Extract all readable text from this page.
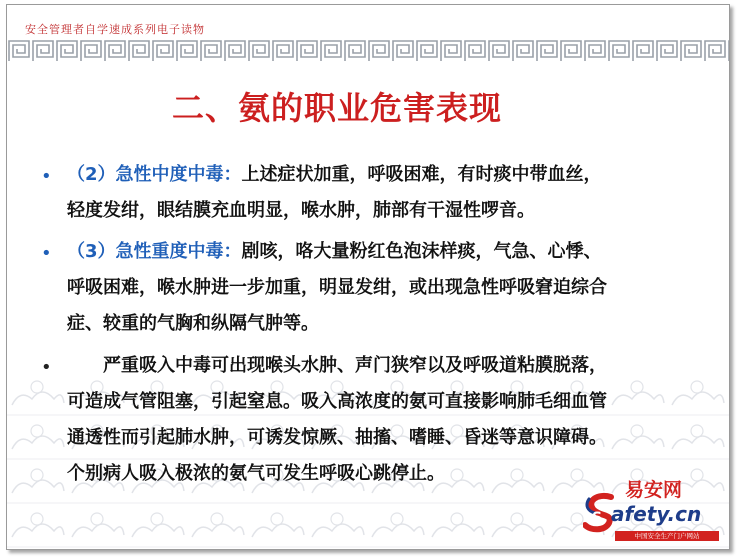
安全管理者自学速成系列电子读物
二、氨的职业危害表现
• （2）急性中度中毒：上述症状加重，呼吸困难，有时痰中带血丝，
轻度发绀，眼结膜充血明显，喉水肿，肺部有干湿性啰音。
• （3）急性重度中毒：剧咳，咯大量粉红色泡沫样痰，气急、心悸、
呼吸困难，喉水肿进一步加重，明显发绀，或出现急性呼吸窘迫综合
症、较重的气胸和纵隔气肿等。
• 　　严重吸入中毒可出现喉头水肿、声门狭窄以及呼吸道粘膜脱落，
可造成气管阻塞，引起窒息。吸入高浓度的氨可直接影响肺毛细血管
通透性而引起肺水肿，可诱发惊厥、抽搐、嗜睡、昏迷等意识障碍。
个别病人吸入极浓的氨气可发生呼吸心跳停止。
S
易安网
afety.cn
中国安全生产门户网站
